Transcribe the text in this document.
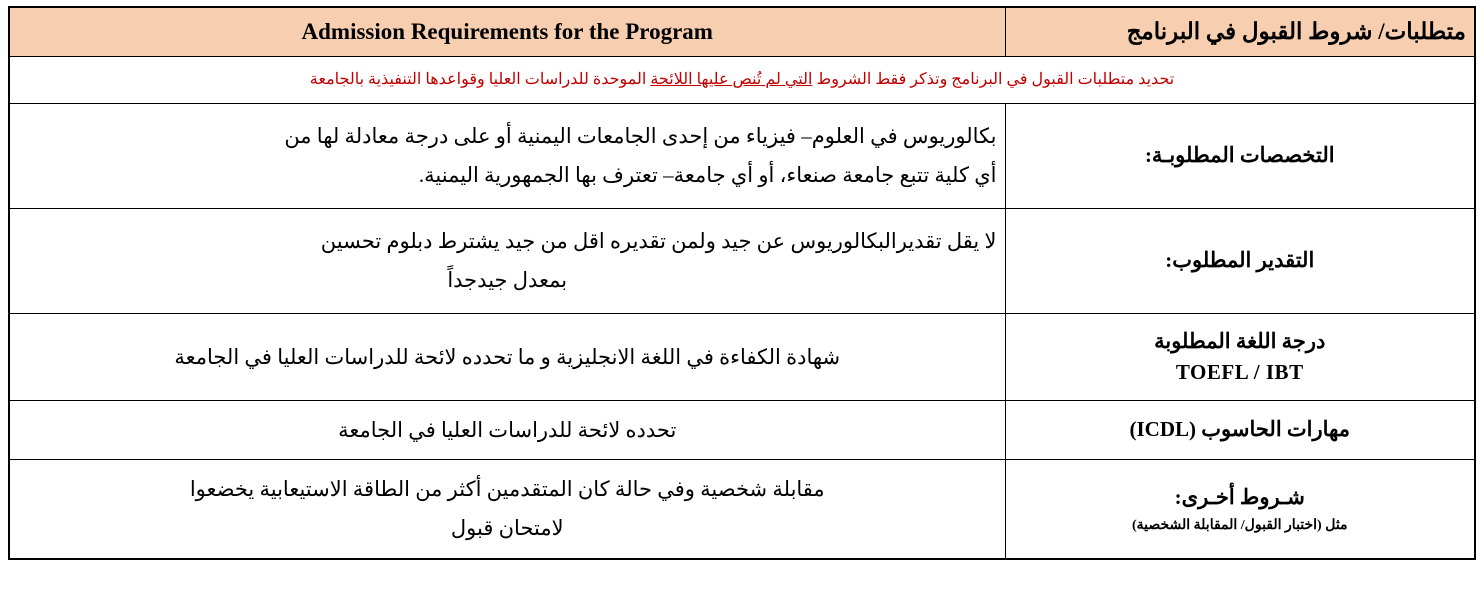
متطلبات/ شروط القبول في البرنامج	Admission Requirements for the Program
تحديد متطلبات القبول في البرنامج وتذكر فقط الشروط التي لم تُنص عليها اللائحة الموحدة للدراسات العليا وقواعدها التنفيذية بالجامعة	
التخصصات المطلوبـة:	بكالوريوس في العلوم– فيزياء من إحدى الجامعات اليمنية أو على درجة معادلة لها من
أي كلية تتبع جامعة صنعاء، أو أي جامعة– تعترف بها الجمهورية اليمنية.

التقدير المطلوب:	لا يقل تقديرالبكالوريوس عن جيد ولمن تقديره اقل من جيد يشترط دبلوم تحسين
بمعدل جيدجداً

درجة اللغة المطلوبة
TOEFL / IBT	شهادة الكفاءة في اللغة الانجليزية و ما تحدده لائحة للدراسات العليا في الجامعة

مهارات الحاسوب (ICDL)	تحدده لائحة للدراسات العليا في الجامعة

شـروط أخـرى:
مثل (اختبار القبول/ المقابلة الشخصية)	مقابلة شخصية وفي حالة كان المتقدمين أكثر من الطاقة الاستيعابية يخضعوا
لامتحان قبول
